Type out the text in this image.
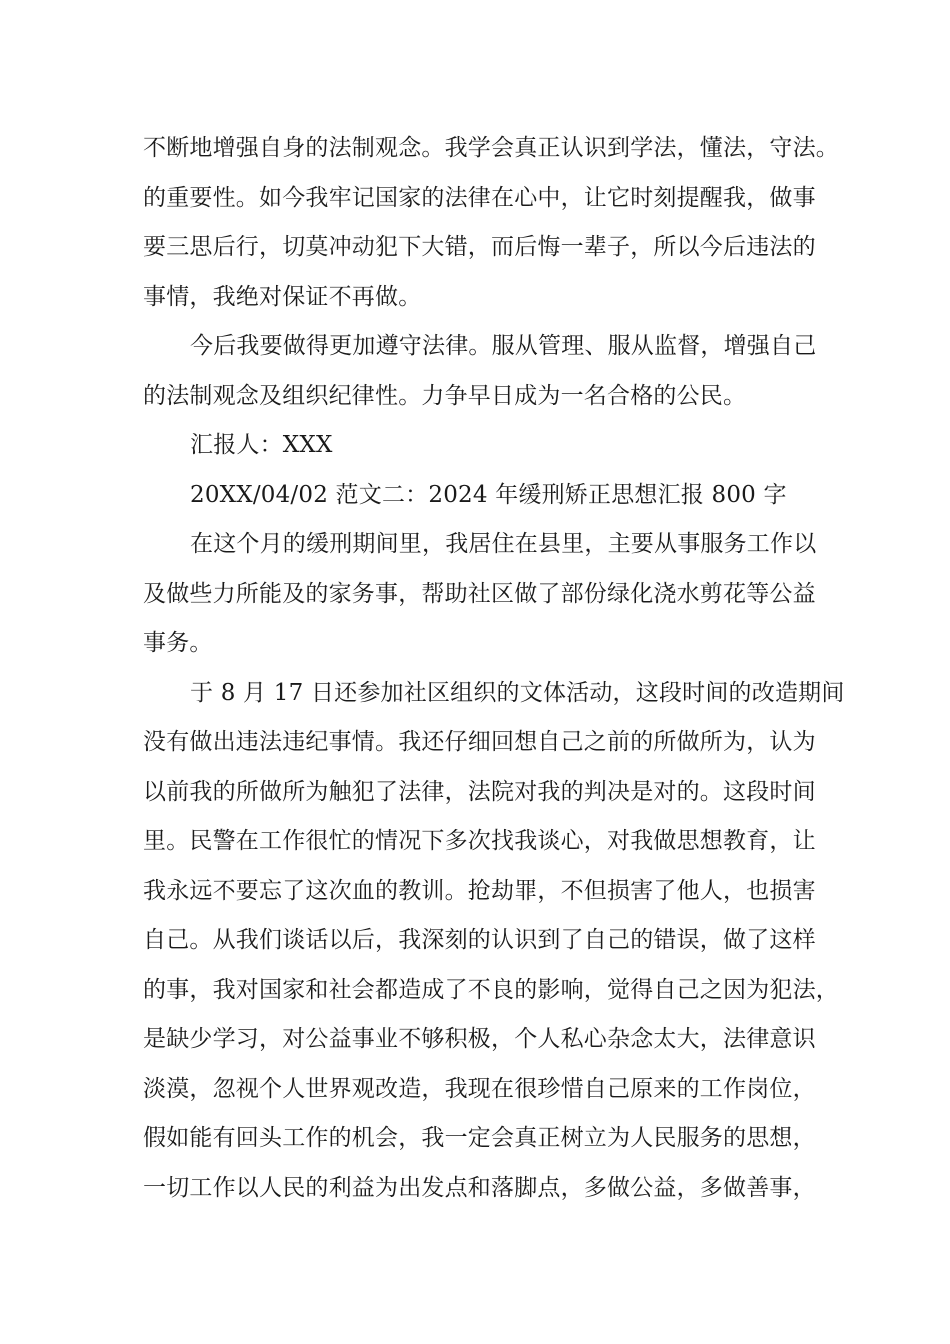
不断地增强自身的法制观念。我学会真正认识到学法，懂法，守法。
的重要性。如今我牢记国家的法律在心中，让它时刻提醒我，做事
要三思后行，切莫冲动犯下大错，而后悔一辈子，所以今后违法的
事情，我绝对保证不再做。
今后我要做得更加遵守法律。服从管理、服从监督，增强自己
的法制观念及组织纪律性。力争早日成为一名合格的公民。
汇报人：XXX
20XX/04/02 范文二：2024 年缓刑矫正思想汇报 800 字
在这个月的缓刑期间里，我居住在县里，主要从事服务工作以
及做些力所能及的家务事，帮助社区做了部份绿化浇水剪花等公益
事务。
于 8 月 17 日还参加社区组织的文体活动，这段时间的改造期间
没有做出违法违纪事情。我还仔细回想自己之前的所做所为，认为
以前我的所做所为触犯了法律，法院对我的判决是对的。这段时间
里。民警在工作很忙的情况下多次找我谈心，对我做思想教育，让
我永远不要忘了这次血的教训。抢劫罪，不但损害了他人，也损害
自己。从我们谈话以后，我深刻的认识到了自己的错误，做了这样
的事，我对国家和社会都造成了不良的影响，觉得自己之因为犯法，
是缺少学习，对公益事业不够积极，个人私心杂念太大，法律意识
淡漠，忽视个人世界观改造，我现在很珍惜自己原来的工作岗位，
假如能有回头工作的机会，我一定会真正树立为人民服务的思想，
一切工作以人民的利益为出发点和落脚点，多做公益，多做善事，
